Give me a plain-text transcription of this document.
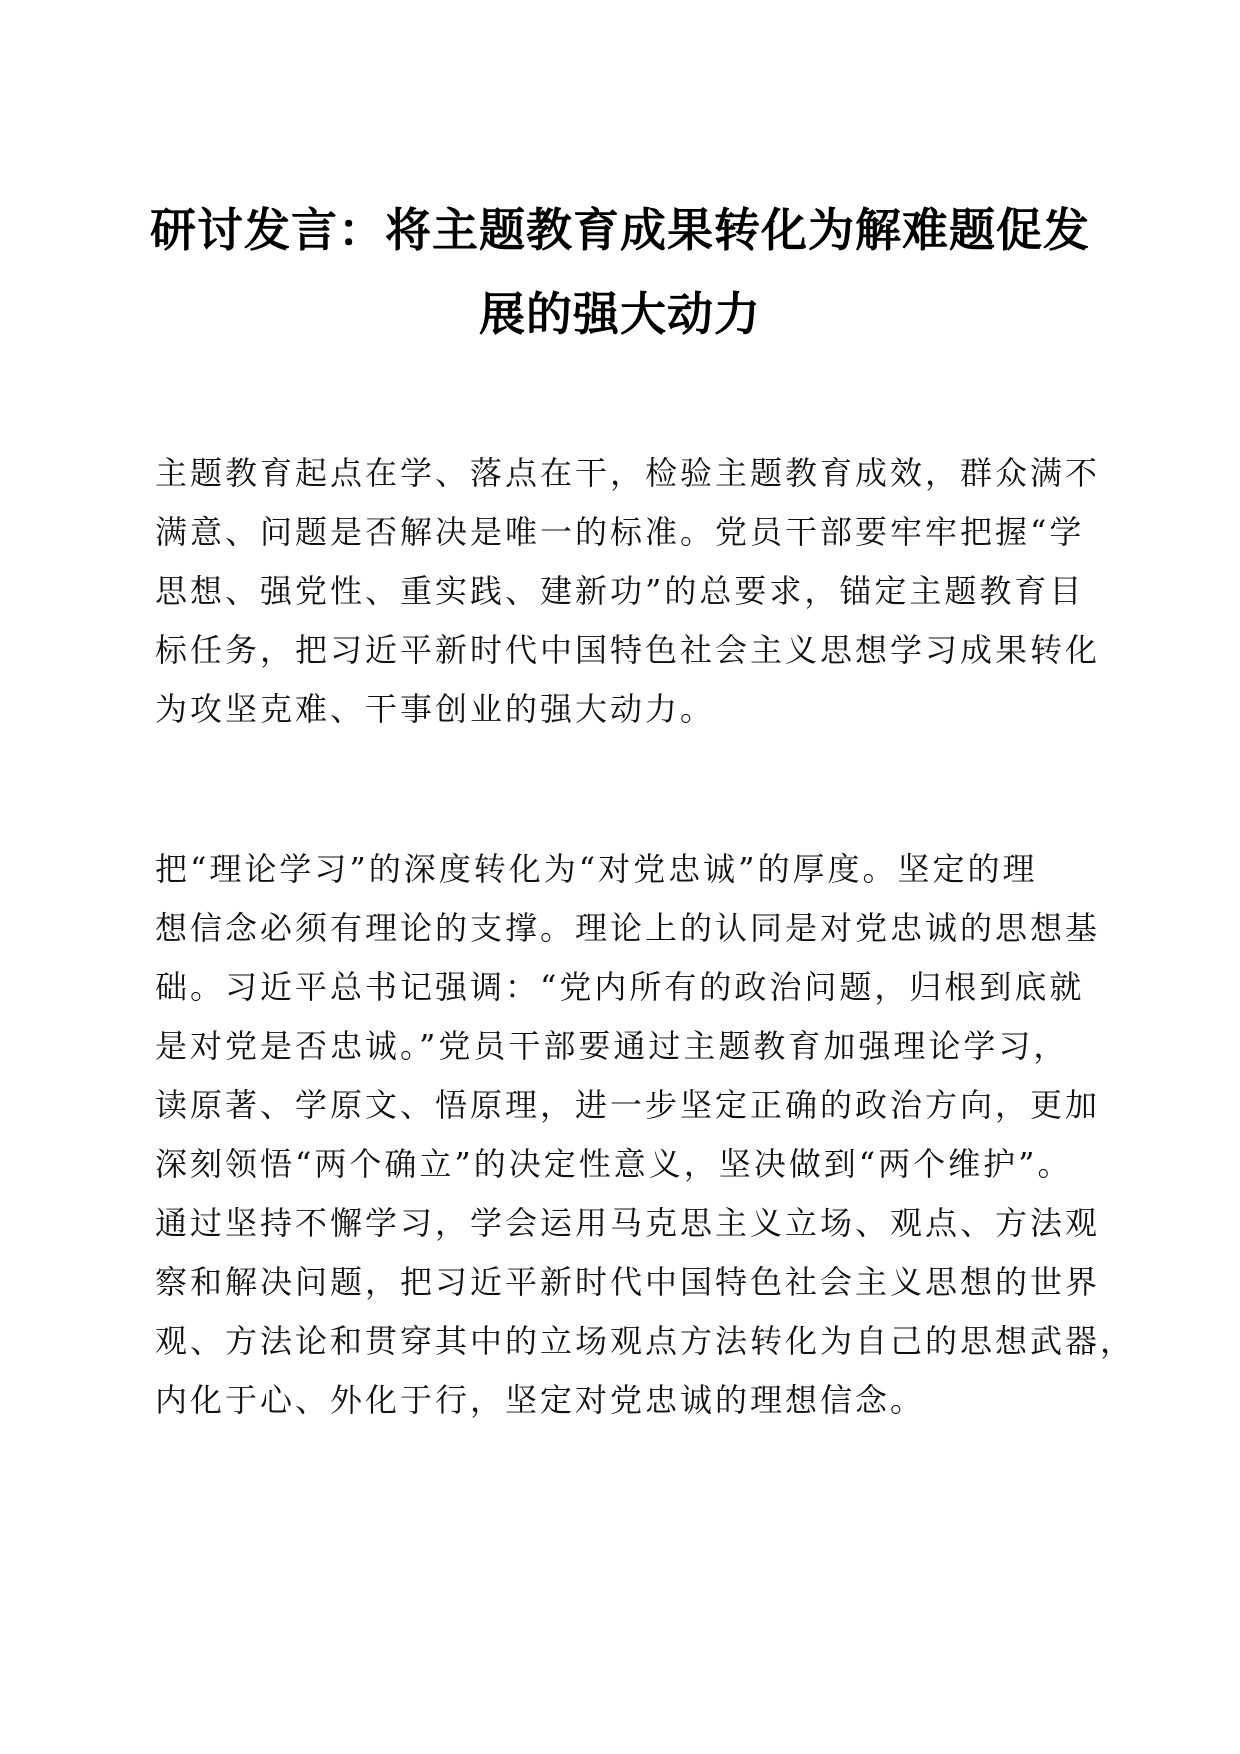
研讨发言：将主题教育成果转化为解难题促发
展的强大动力

主题教育起点在学、落点在干，检验主题教育成效，群众满不
满意、问题是否解决是唯一的标准。党员干部要牢牢把握“学
思想、强党性、重实践、建新功”的总要求，锚定主题教育目
标任务，把习近平新时代中国特色社会主义思想学习成果转化
为攻坚克难、干事创业的强大动力。

把“理论学习”的深度转化为“对党忠诚”的厚度。坚定的理
想信念必须有理论的支撑。理论上的认同是对党忠诚的思想基
础。习近平总书记强调：“党内所有的政治问题，归根到底就
是对党是否忠诚。”党员干部要通过主题教育加强理论学习，
读原著、学原文、悟原理，进一步坚定正确的政治方向，更加
深刻领悟“两个确立”的决定性意义，坚决做到“两个维护”。
通过坚持不懈学习，学会运用马克思主义立场、观点、方法观
察和解决问题，把习近平新时代中国特色社会主义思想的世界
观、方法论和贯穿其中的立场观点方法转化为自己的思想武器，
内化于心、外化于行，坚定对党忠诚的理想信念。
